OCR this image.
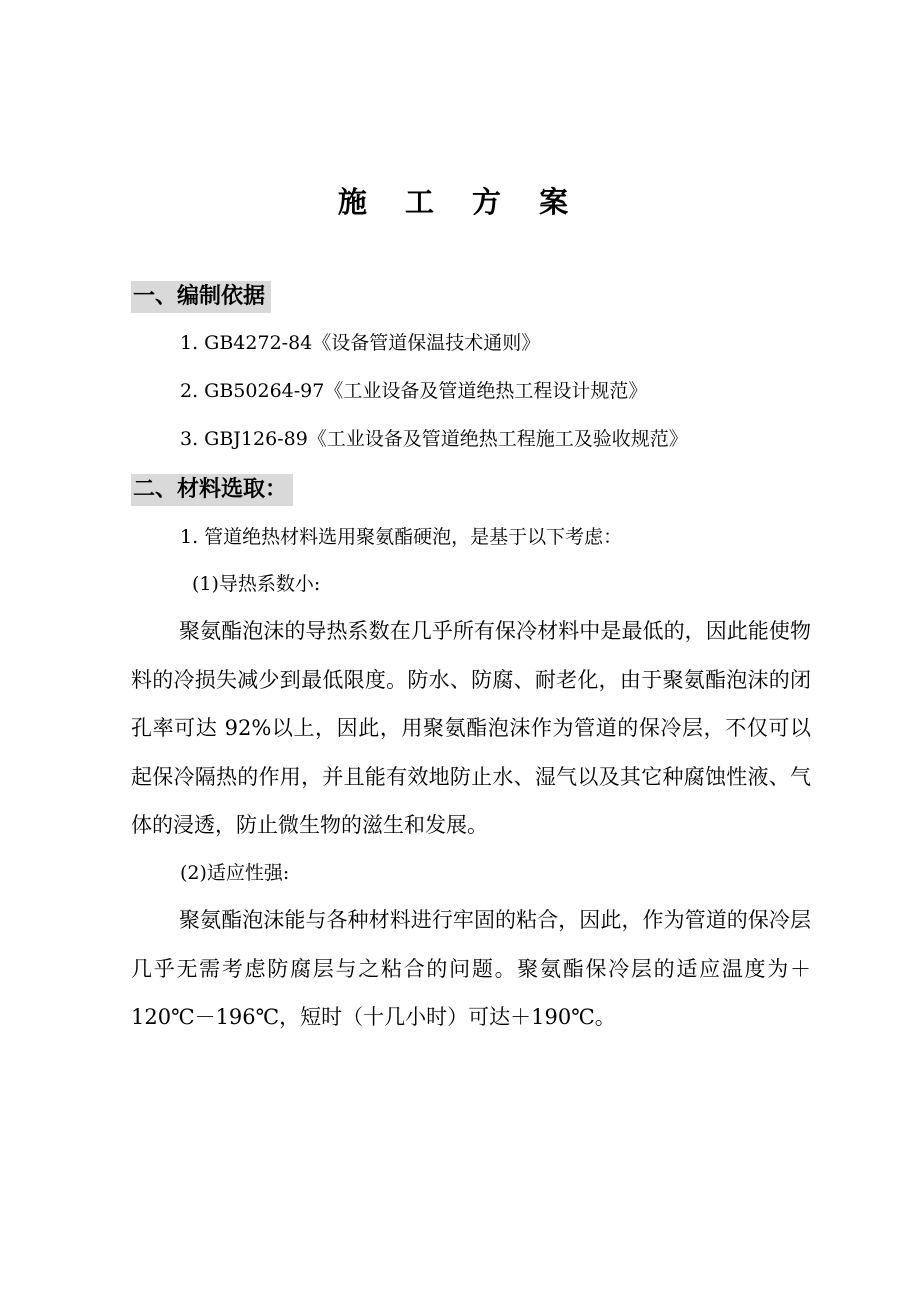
施 工 方 案
一、编制依据
1. GB4272-84《设备管道保温技术通则》
2. GB50264-97《工业设备及管道绝热工程设计规范》
3. GBJ126-89《工业设备及管道绝热工程施工及验收规范》
二、材料选取：
1. 管道绝热材料选用聚氨酯硬泡，是基于以下考虑：
(1)导热系数小:

聚氨酯泡沫的导热系数在几乎所有保冷材料中是最低的，因此能使物料的冷损失减少到最低限度。防水、防腐、耐老化，由于聚氨酯泡沫的闭孔率可达 92%以上，因此，用聚氨酯泡沫作为管道的保冷层，不仅可以起保冷隔热的作用，并且能有效地防止水、湿气以及其它种腐蚀性液、气体的浸透，防止微生物的滋生和发展。

(2)适应性强:

聚氨酯泡沫能与各种材料进行牢固的粘合，因此，作为管道的保冷层几乎无需考虑防腐层与之粘合的问题。聚氨酯保冷层的适应温度为＋120℃－196℃，短时（十几小时）可达＋190℃。
